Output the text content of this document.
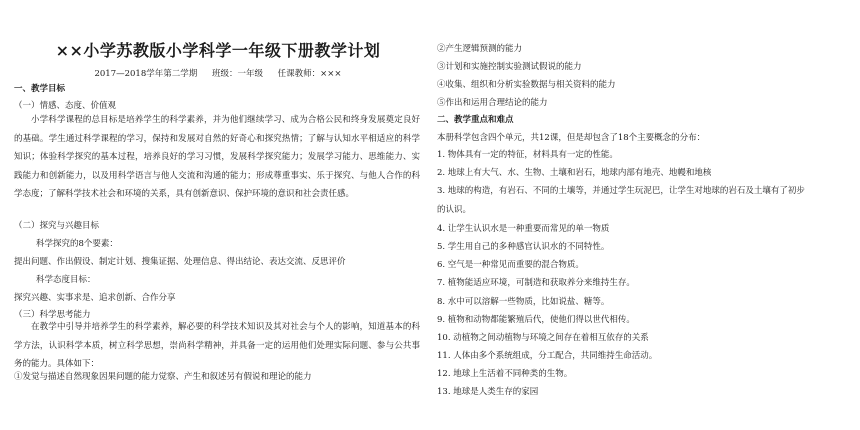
××小学苏教版小学科学一年级下册教学计划
2017—2018学年第二学期 班级：一年级 任课教师：×××
一、教学目标
（一）情感、态度、价值观

小学科学课程的总目标是培养学生的科学素养，并为他们继续学习、成为合格公民和终身发展奠定良好的基础。学生通过科学课程的学习，保持和发展对自然的好奇心和探究热情；了解与认知水平相适应的科学知识；体验科学探究的基本过程，培养良好的学习习惯，发展科学探究能力；发展学习能力、思维能力、实践能力和创新能力，以及用科学语言与他人交流和沟通的能力；形成尊重事实、乐于探究、与他人合作的科学态度；了解科学技术社会和环境的关系，具有创新意识、保护环境的意识和社会责任感。

（二）探究与兴趣目标
科学探究的8个要素：
提出问题、作出假设、制定计划、搜集证据、处理信息、得出结论、表达交流、反思评价
科学态度目标：
探究兴趣、实事求是、追求创新、合作分享
（三）科学思考能力

在教学中引导并培养学生的科学素养，解必要的科学技术知识及其对社会与个人的影响，知道基本的科学方法，认识科学本质，树立科学思想，崇尚科学精神，并具备一定的运用他们处理实际问题、参与公共事务的能力。具体如下：

①发觉与描述自然现象因果问题的能力觉察、产生和叙述另有假说和理论的能力
②产生逻辑预测的能力
③计划和实施控制实验测试假说的能力
④收集、组织和分析实验数据与相关资料的能力
⑤作出和运用合理结论的能力
二、教学重点和难点
本册科学包含四个单元，共12课，但是却包含了18个主要概念的分布：
1. 物体具有一定的特征，材料具有一定的性能。
2. 地球上有大气、水、生物、土壤和岩石，地球内部有地壳、地幔和地核
3. 地球的构造，有岩石、不同的土壤等，并通过学生玩泥巴，让学生对地球的岩石及土壤有了初步
的认识。
4. 让学生认识水是一种重要而常见的单一物质
5. 学生用自己的多种感官认识水的不同特性。
6. 空气是一种常见而重要的混合物质。
7. 植物能适应环境，可制造和获取养分来维持生存。
8. 水中可以溶解一些物质，比如说盐、糖等。
9. 植物和动物都能繁殖后代，使他们得以世代相传。
10. 动植物之间动植物与环境之间存在着相互依存的关系
11. 人体由多个系统组成，分工配合，共同维持生命活动。
12. 地球上生活着不同种类的生物。
13. 地球是人类生存的家园
